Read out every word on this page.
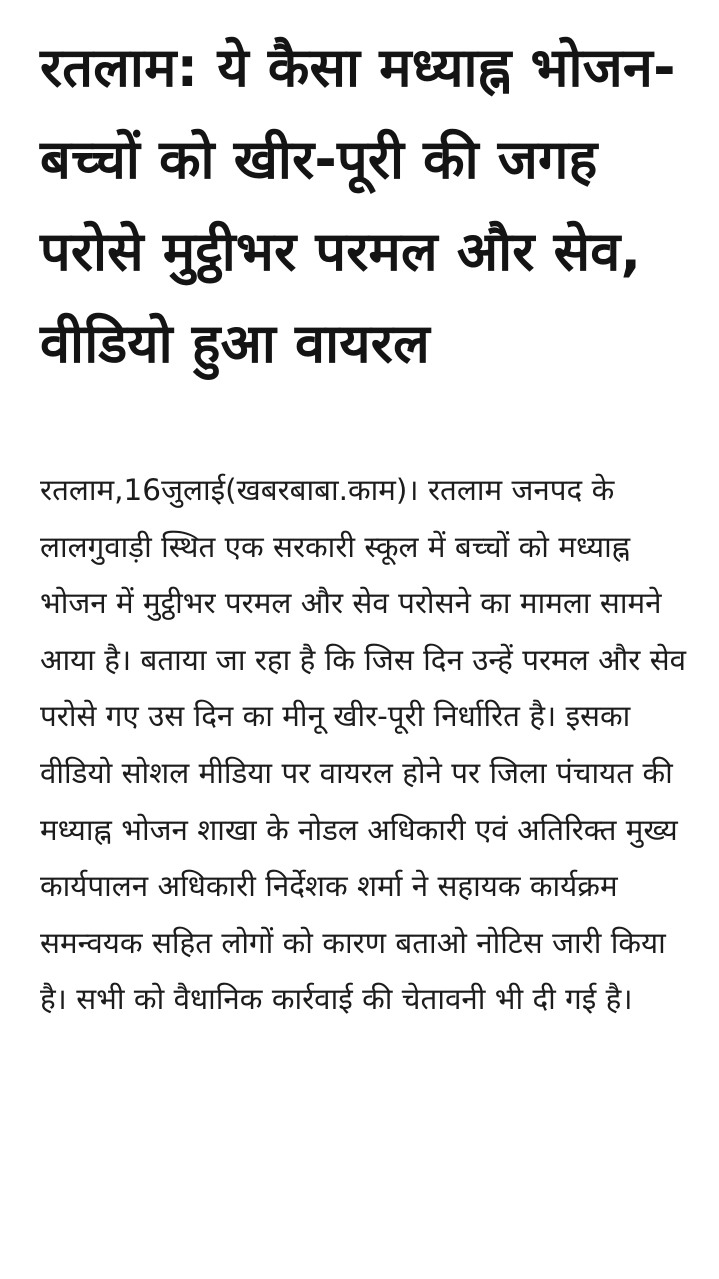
रतलाम: ये कैसा मध्याह्न भोजन- बच्चों को खीर-पूरी की जगह परोसे मुट्ठीभर परमल और सेव, वीडियो हुआ वायरल

रतलाम,16जुलाई(खबरबाबा.काम)। रतलाम जनपद के लालगुवाड़ी स्थित एक सरकारी स्कूल में बच्चों को मध्याह्न भोजन में मुट्ठीभर परमल और सेव परोसने का मामला सामने आया है। बताया जा रहा है कि जिस दिन उन्हें परमल और सेव परोसे गए उस दिन का मीनू खीर-पूरी निर्धारित है। इसका वीडियो सोशल मीडिया पर वायरल होने पर जिला पंचायत की मध्याह्न भोजन शाखा के नोडल अधिकारी एवं अतिरिक्त मुख्य कार्यपालन अधिकारी निर्देशक शर्मा ने सहायक कार्यक्रम समन्वयक सहित लोगों को कारण बताओ नोटिस जारी किया है। सभी को वैधानिक कार्रवाई की चेतावनी भी दी गई है।
